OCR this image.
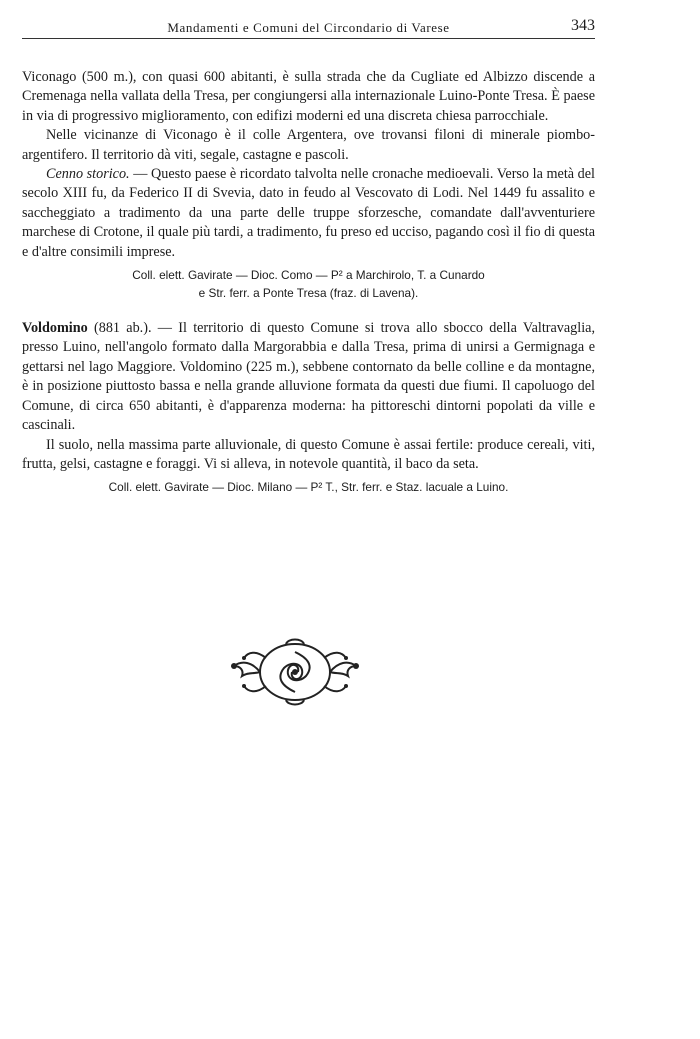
Mandamenti e Comuni del Circondario di Varese	343

Viconago (500 m.), con quasi 600 abitanti, è sulla strada che da Cugliate ed Albizzo discende a Cremenaga nella vallata della Tresa, per congiungersi alla internazionale Luino-Ponte Tresa. È paese in via di progressivo miglioramento, con edifizi moderni ed una discreta chiesa parrocchiale.

Nelle vicinanze di Viconago è il colle Argentera, ove trovansi filoni di minerale piombo-argentifero. Il territorio dà viti, segale, castagne e pascoli.

Cenno storico. — Questo paese è ricordato talvolta nelle cronache medioevali. Verso la metà del secolo XIII fu, da Federico II di Svevia, dato in feudo al Vescovato di Lodi. Nel 1449 fu assalito e saccheggiato a tradimento da una parte delle truppe sforzesche, comandate dall'avventuriere marchese di Crotone, il quale più tardi, a tradimento, fu preso ed ucciso, pagando così il fio di questa e d'altre consimili imprese.

Coll. elett. Gavirate — Dioc. Como — P² a Marchirolo, T. a Cunardo
e Str. ferr. a Ponte Tresa (fraz. di Lavena).

Voldomino (881 ab.). — Il territorio di questo Comune si trova allo sbocco della Valtravaglia, presso Luino, nell'angolo formato dalla Margorabbia e dalla Tresa, prima di unirsi a Germignaga e gettarsi nel lago Maggiore. Voldomino (225 m.), sebbene contornato da belle colline e da montagne, è in posizione piuttosto bassa e nella grande alluvione formata da questi due fiumi. Il capoluogo del Comune, di circa 650 abitanti, è d'apparenza moderna: ha pittoreschi dintorni popolati da ville e cascinali.

Il suolo, nella massima parte alluvionale, di questo Comune è assai fertile: produce cereali, viti, frutta, gelsi, castagne e foraggi. Vi si alleva, in notevole quantità, il baco da seta.

Coll. elett. Gavirate — Dioc. Milano — P² T., Str. ferr. e Staz. lacuale a Luino.
